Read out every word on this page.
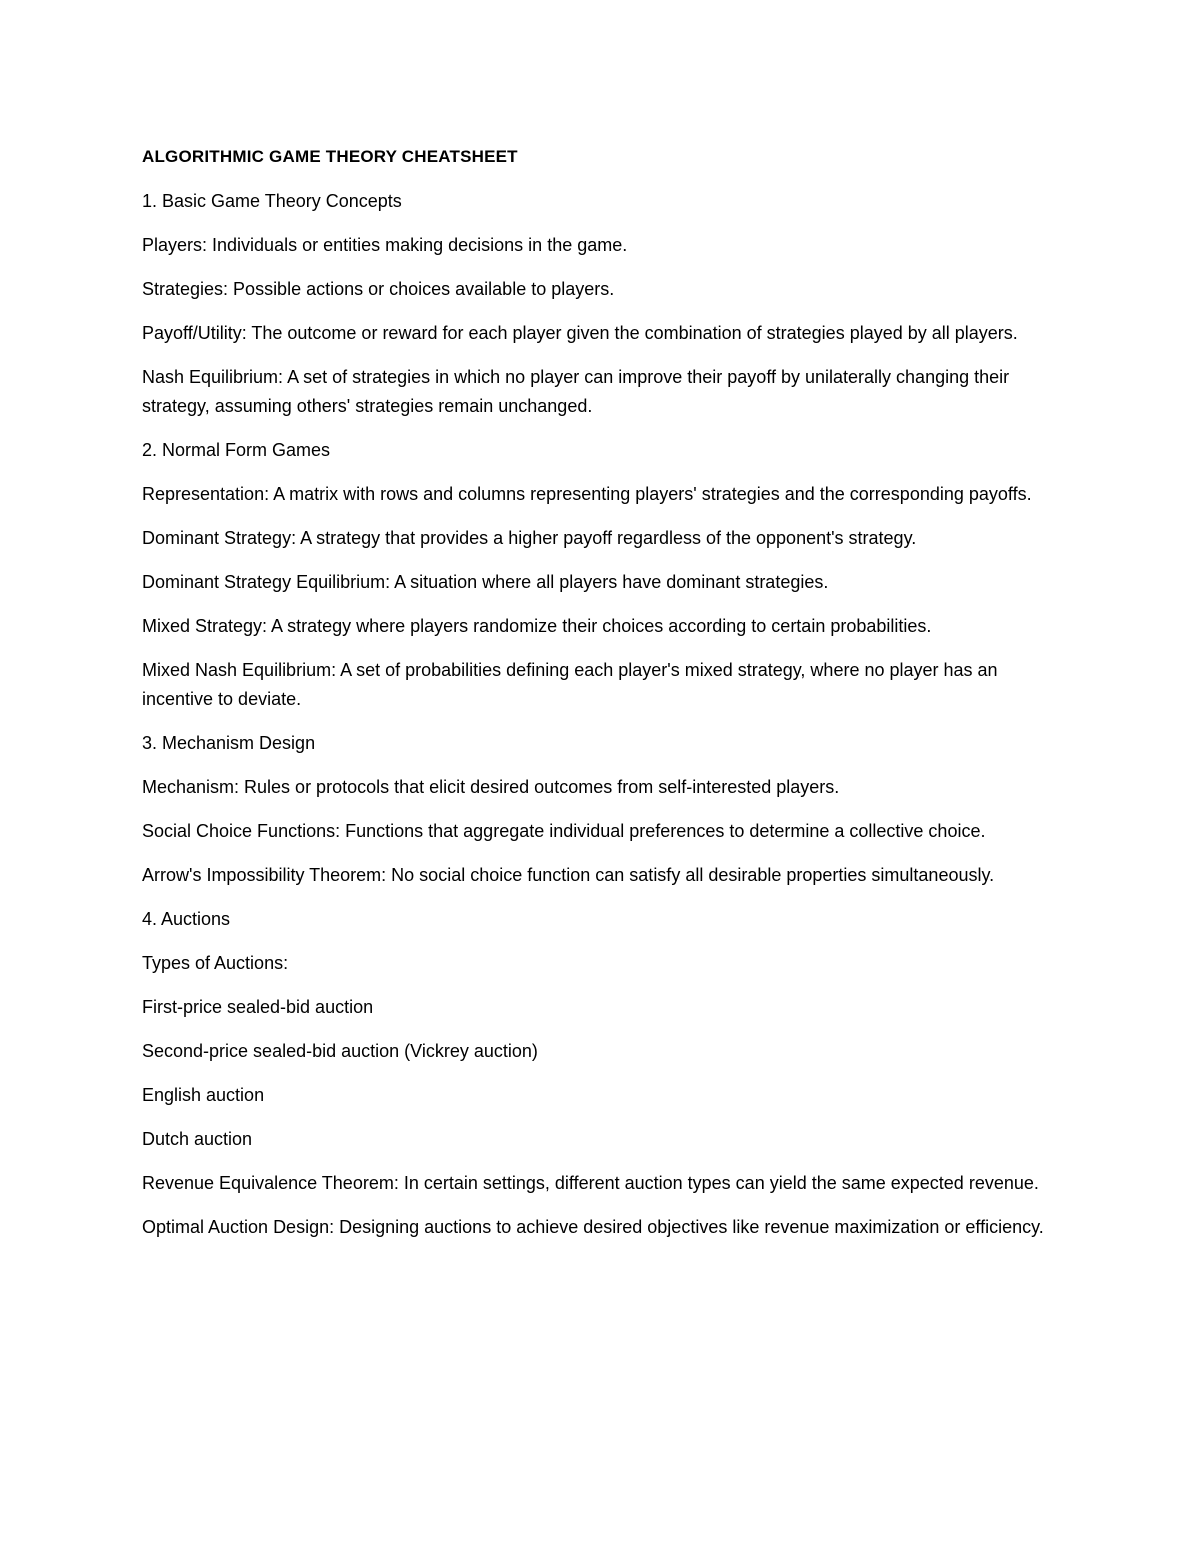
ALGORITHMIC GAME THEORY CHEATSHEET

1. Basic Game Theory Concepts

Players: Individuals or entities making decisions in the game.

Strategies: Possible actions or choices available to players.

Payoff/Utility: The outcome or reward for each player given the combination of strategies played by all players.

Nash Equilibrium: A set of strategies in which no player can improve their payoff by unilaterally changing their strategy, assuming others' strategies remain unchanged.

2. Normal Form Games

Representation: A matrix with rows and columns representing players' strategies and the corresponding payoffs.

Dominant Strategy: A strategy that provides a higher payoff regardless of the opponent's strategy.

Dominant Strategy Equilibrium: A situation where all players have dominant strategies.

Mixed Strategy: A strategy where players randomize their choices according to certain probabilities.

Mixed Nash Equilibrium: A set of probabilities defining each player's mixed strategy, where no player has an incentive to deviate.

3. Mechanism Design

Mechanism: Rules or protocols that elicit desired outcomes from self-interested players.

Social Choice Functions: Functions that aggregate individual preferences to determine a collective choice.

Arrow's Impossibility Theorem: No social choice function can satisfy all desirable properties simultaneously.

4. Auctions

Types of Auctions:

First-price sealed-bid auction

Second-price sealed-bid auction (Vickrey auction)

English auction

Dutch auction

Revenue Equivalence Theorem: In certain settings, different auction types can yield the same expected revenue.

Optimal Auction Design: Designing auctions to achieve desired objectives like revenue maximization or efficiency.
